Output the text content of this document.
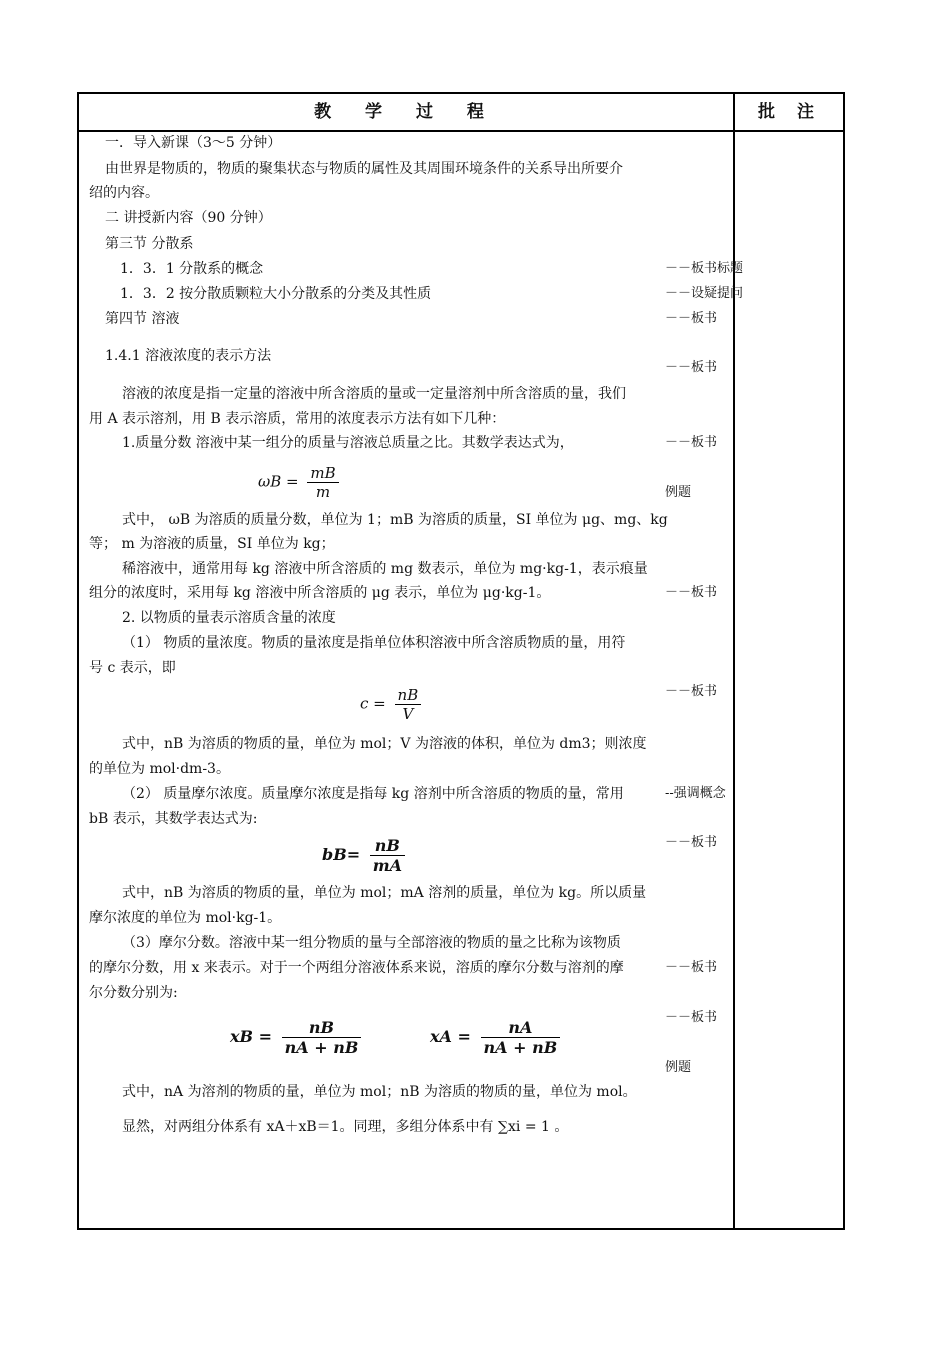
教 学 过 程	批 注
一．导入新课（3～5 分钟）
由世界是物质的，物质的聚集状态与物质的属性及其周围环境条件的关系导出所要介
绍的内容。
二 讲授新内容（90 分钟）
第三节 分散系
1．3．1 分散系的概念
1．3．2 按分散质颗粒大小分散系的分类及其性质
第四节 溶液
1.4.1 溶液浓度的表示方法
溶液的浓度是指一定量的溶液中所含溶质的量或一定量溶剂中所含溶质的量，我们
用 A 表示溶剂，用 B 表示溶质，常用的浓度表示方法有如下几种：
1.质量分数 溶液中某一组分的质量与溶液总质量之比。其数学表达式为，
$\omega B = \frac{mB}{m}$
式中， ωB 为溶质的质量分数，单位为 1；mB 为溶质的质量，SI 单位为 μg、mg、kg
等； m 为溶液的质量，SI 单位为 kg；
稀溶液中，通常用每 kg 溶液中所含溶质的 mg 数表示，单位为 mg·kg-1，表示痕量
组分的浓度时，采用每 kg 溶液中所含溶质的 μg 表示，单位为 μg·kg-1。
2. 以物质的量表示溶质含量的浓度
（1） 物质的量浓度。物质的量浓度是指单位体积溶液中所含溶质物质的量，用符
号 c 表示，即
$c = \frac{nB}{V}$
式中，nB 为溶质的物质的量，单位为 mol；V 为溶液的体积，单位为 dm3；则浓度
的单位为 mol·dm-3。
（2） 质量摩尔浓度。质量摩尔浓度是指每 kg 溶剂中所含溶质的物质的量，常用
bB 表示，其数学表达式为:
$bB= \frac{nB}{mA}$
式中，nB 为溶质的物质的量，单位为 mol；mA 溶剂的质量，单位为 kg。所以质量
摩尔浓度的单位为 mol·kg-1。
（3）摩尔分数。溶液中某一组分物质的量与全部溶液的物质的量之比称为该物质
的摩尔分数，用 x 来表示。对于一个两组分溶液体系来说，溶质的摩尔分数与溶剂的摩
尔分数分别为:
xB = $\frac{nB}{nA + nB}$	xA = $\frac{nA}{nA + nB}$
式中，nA 为溶剂的物质的量，单位为 mol；nB 为溶质的物质的量，单位为 mol。
显然，对两组分体系有 xA＋xB＝1。同理，多组分体系中有 ∑xi = 1 。
－－板书标题
－－设疑提问
－－板书
－－板书
－－板书
例题
－－板书
－－板书
--强调概念
－－板书
－－板书
－－板书
例题
